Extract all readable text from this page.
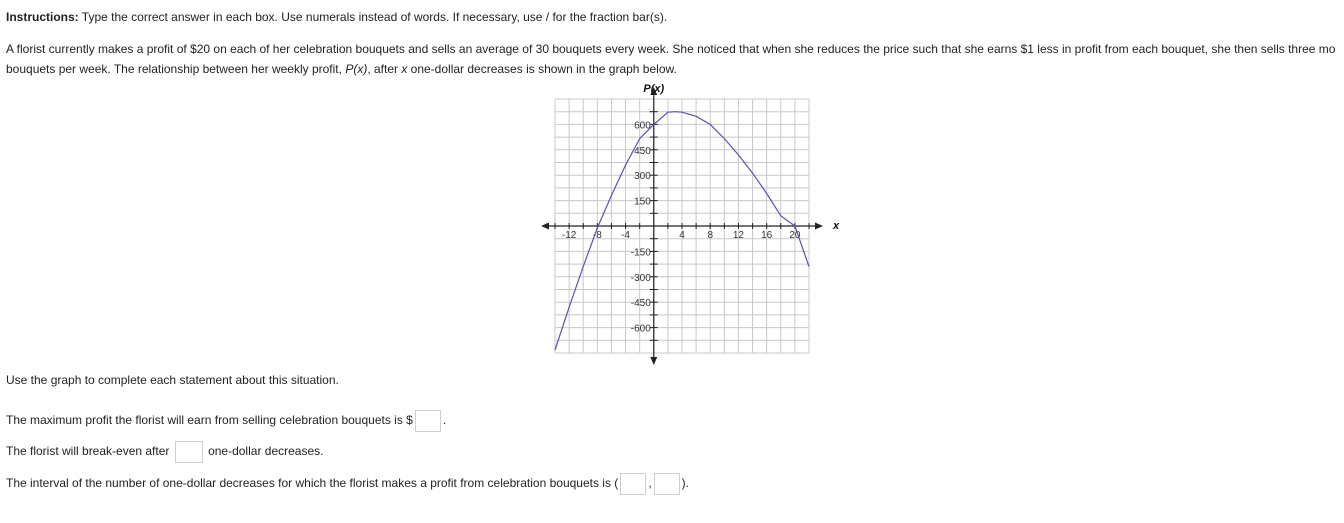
Instructions: Type the correct answer in each box. Use numerals instead of words. If necessary, use / for the fraction bar(s).
A florist currently makes a profit of $20 on each of her celebration bouquets and sells an average of 30 bouquets every week. She noticed that when she reduces the price such that she earns $1 less in profit from each bouquet, she then sells three mo
bouquets per week. The relationship between her weekly profit, P(x), after x one-dollar decreases is shown in the graph below.
-12 -8 -4	4 8 12 16 20
600
450
300
150
-150
-300
-450
-600
P(x)
x
Use the graph to complete each statement about this situation.
The maximum profit the florist will earn from selling celebration bouquets is $	.
The florist will break-even after	one-dollar decreases.
The interval of the number of one-dollar decreases for which the florist makes a profit from celebration bouquets is (	,	).
